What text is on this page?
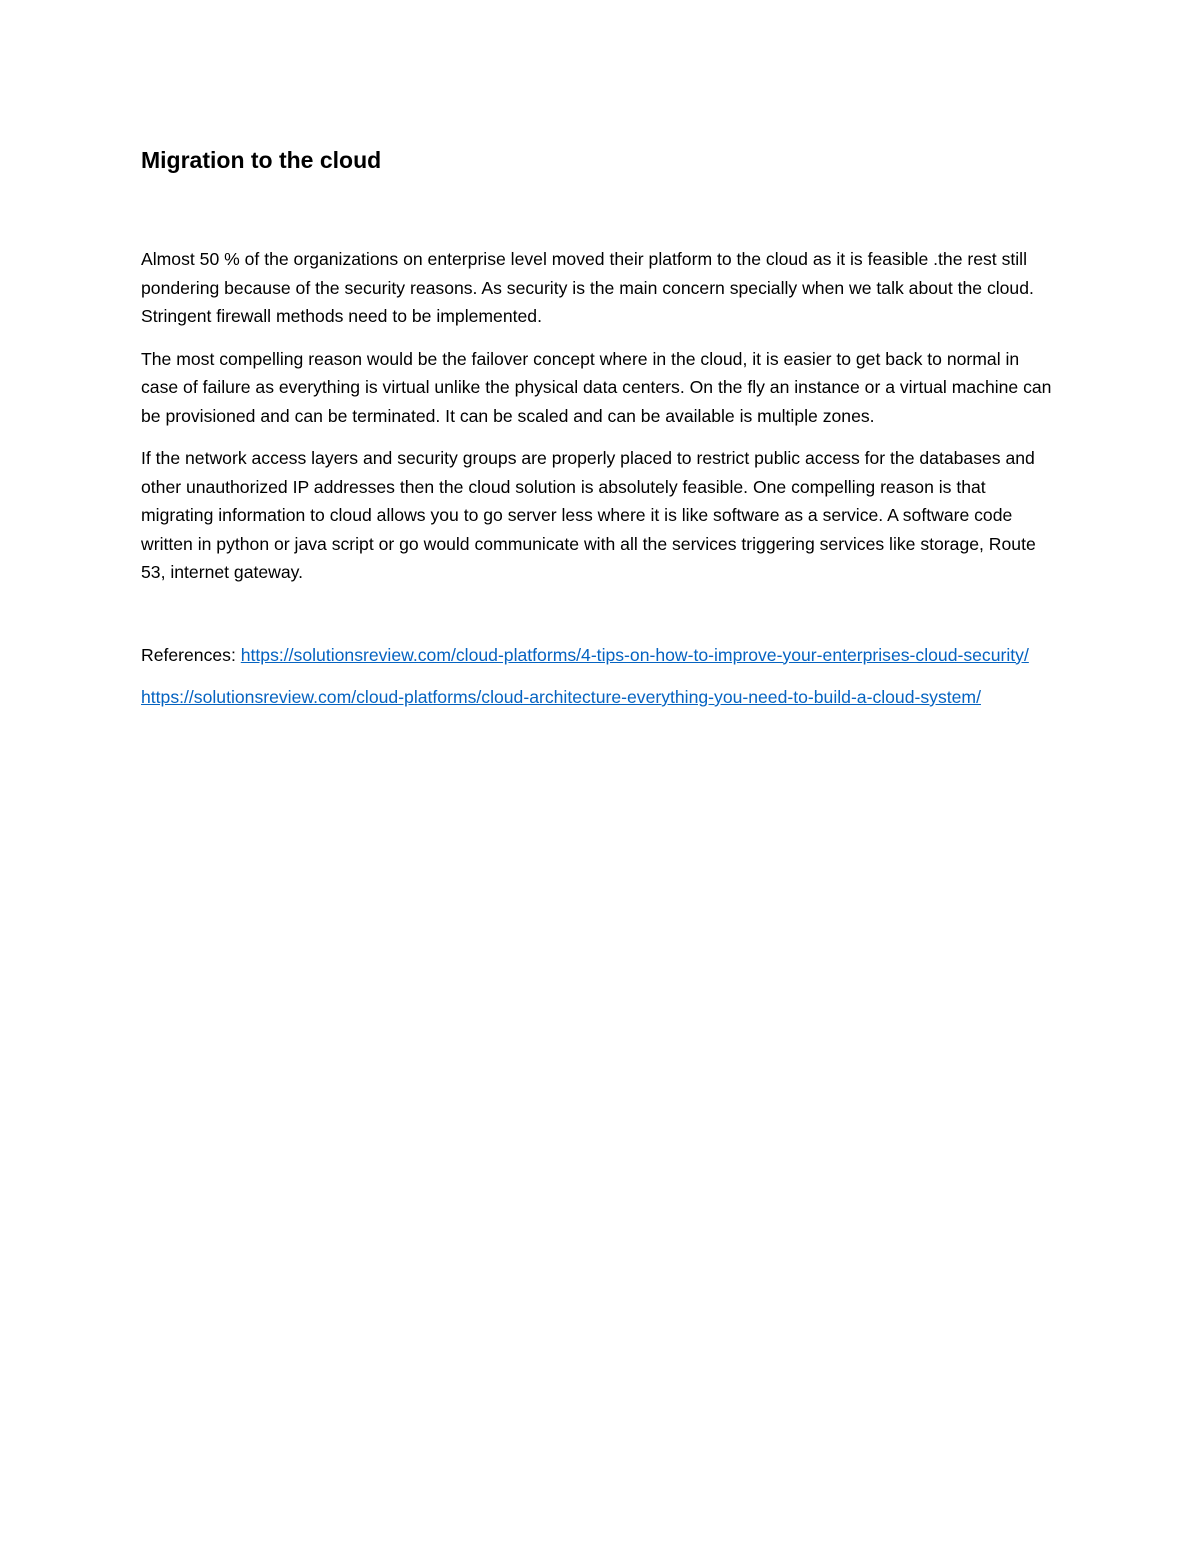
Migration to the cloud

Almost 50 % of the organizations on enterprise level moved their platform to the cloud as it is feasible .the rest still pondering because of the security reasons. As security is the main concern specially when we talk about the cloud. Stringent firewall methods need to be implemented.

The most compelling reason would be the failover concept where in the cloud, it is easier to get back to normal in case of failure as everything is virtual unlike the physical data centers. On the fly an instance or a virtual machine can be provisioned and can be terminated. It can be scaled and can be available is multiple zones.

If the network access layers and security groups are properly placed to restrict public access for the databases and other unauthorized IP addresses then the cloud solution is absolutely feasible. One compelling reason is that migrating information to cloud allows you to go server less where it is like software as a service. A software code written in python or java script or go would communicate with all the services triggering services like storage, Route 53, internet gateway.

References: https://solutionsreview.com/cloud-platforms/4-tips-on-how-to-improve-your-enterprises-cloud-security/

https://solutionsreview.com/cloud-platforms/cloud-architecture-everything-you-need-to-build-a-cloud-system/
